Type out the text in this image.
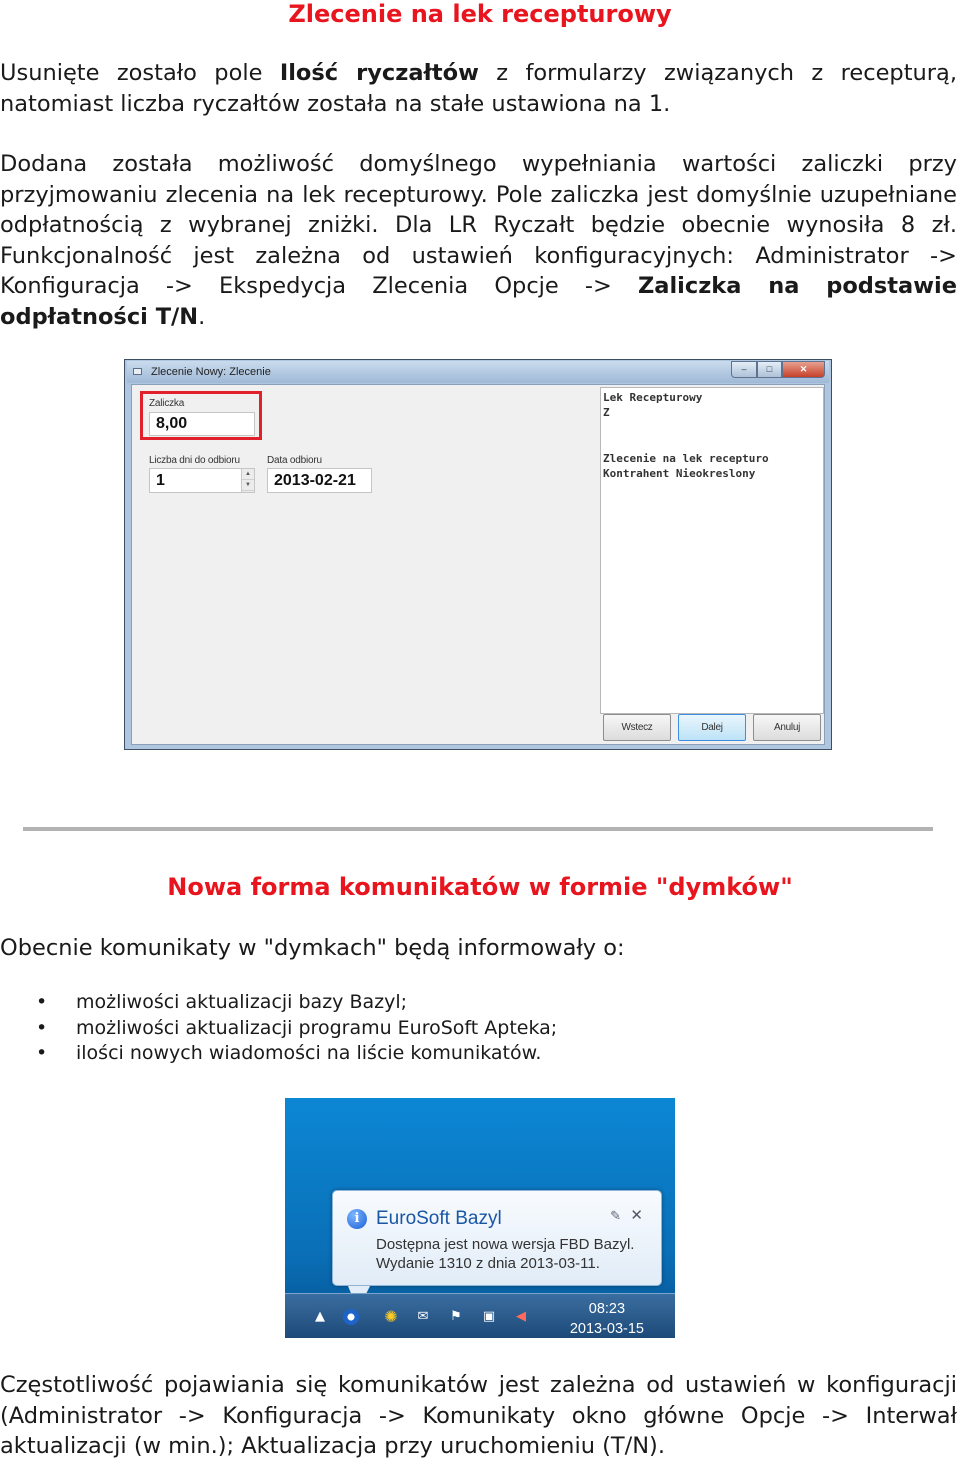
Zlecenie na lek recepturowy
Usunięte zostało pole Ilość ryczałtów z formularzy związanych z recepturą, natomiast liczba ryczałtów została na stałe ustawiona na 1.
Dodana została możliwość domyślnego wypełniania wartości zaliczki przy przyjmowaniu zlecenia na lek recepturowy. Pole zaliczka jest domyślnie uzupełniane odpłatnością z wybranej zniżki. Dla LR Ryczałt będzie obecnie wynosiła 8 zł. Funkcjonalność jest zależna od ustawień konfiguracyjnych: Administrator -> Konfiguracja -> Ekspedycja Zlecenia Opcje -> Zaliczka na podstawie odpłatności T/N.
Zlecenie Nowy: Zlecenie	–	□	✕
Zaliczka
8,00
Liczba dni do odbioru
1	▲
▼
Data odbioru
2013-02-21
Lek Recepturowy
Z
Zlecenie na lek recepturo
Kontrahent Nieokreslony
Wstecz	Dalej	Anuluj
Nowa forma komunikatów w formie "dymków"
Obecnie komunikaty w "dymkach" będą informowały o:
• możliwości aktualizacji bazy Bazyl;
• możliwości aktualizacji programu EuroSoft Apteka;
• ilości nowych wiadomości na liście komunikatów.
i EuroSoft Bazyl	✎ ✕
Dostępna jest nowa wersja FBD Bazyl.
Wydanie 1310 z dnia 2013-03-11.
▲	✺ ✉ ⚑ ▣ ◀	08:23
2013-03-15
Częstotliwość pojawiania się komunikatów jest zależna od ustawień w konfiguracji (Administrator -> Konfiguracja -> Komunikaty okno główne Opcje -> Interwał aktualizacji (w min.); Aktualizacja przy uruchomieniu (T/N).
